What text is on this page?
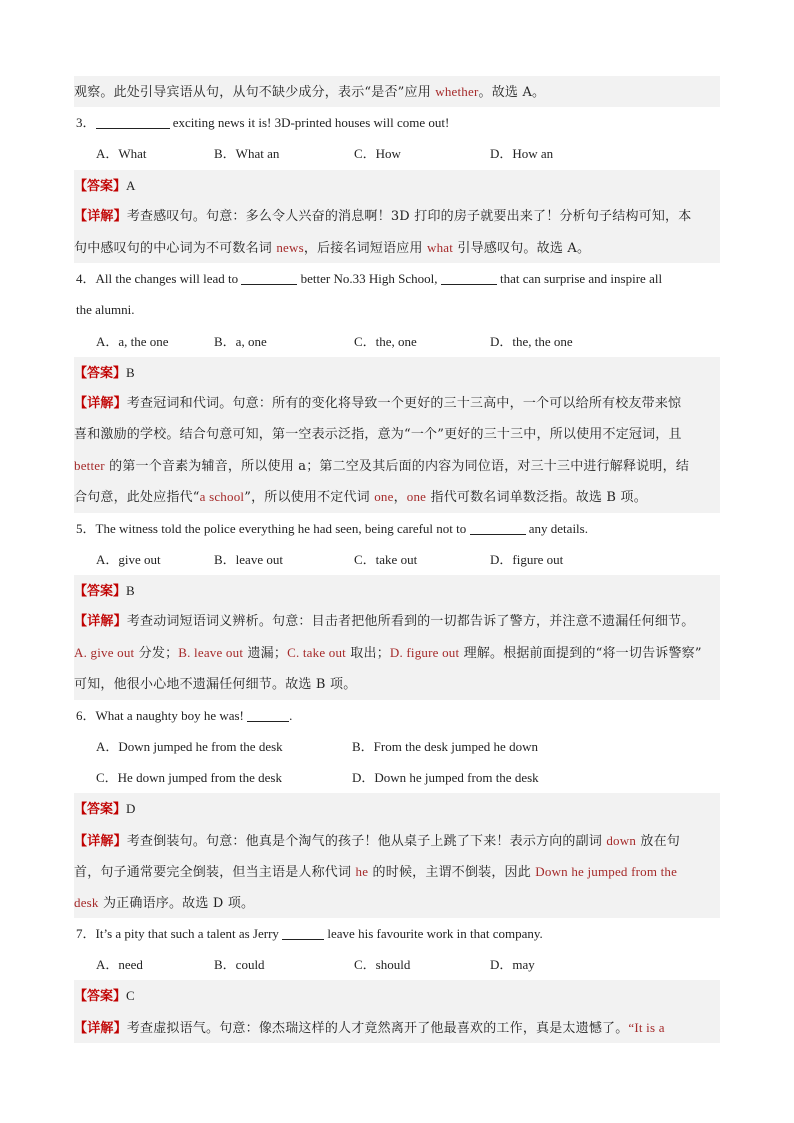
观察。此处引导宾语从句，从句不缺少成分，表示“是否”应用 whether。故选 A。
3．	exciting news it is! 3D-printed houses will come out!
A．What	B．What an	C．How	D．How an
【答案】A
【详解】考查感叹句。句意：多么令人兴奋的消息啊！3D 打印的房子就要出来了！分析句子结构可知，本
句中感叹句的中心词为不可数名词 news，后接名词短语应用 what 引导感叹句。故选 A。
4．All the changes will lead to	better No.33 High School,	that can surprise and inspire all
the alumni.
A．a, the one	B．a, one	C．the, one	D．the, the one
【答案】B
【详解】考查冠词和代词。句意：所有的变化将导致一个更好的三十三高中，一个可以给所有校友带来惊
喜和激励的学校。结合句意可知，第一空表示泛指，意为“一个”更好的三十三中，所以使用不定冠词，且
better 的第一个音素为辅音，所以使用 a；第二空及其后面的内容为同位语，对三十三中进行解释说明，结
合句意，此处应指代“a school”，所以使用不定代词 one，one 指代可数名词单数泛指。故选 B 项。
5．The witness told the police everything he had seen, being careful not to	any details.
A．give out	B．leave out	C．take out	D．figure out
【答案】B
【详解】考查动词短语词义辨析。句意：目击者把他所看到的一切都告诉了警方，并注意不遗漏任何细节。
A. give out 分发；B. leave out 遗漏；C. take out 取出；D. figure out 理解。根据前面提到的“将一切告诉警察”
可知，他很小心地不遗漏任何细节。故选 B 项。
6．What a naughty boy he was!	.
A．Down jumped he from the desk	B．From the desk jumped he down
C．He down jumped from the desk	D．Down he jumped from the desk
【答案】D
【详解】考查倒装句。句意：他真是个淘气的孩子！他从桌子上跳了下来！表示方向的副词 down 放在句
首，句子通常要完全倒装，但当主语是人称代词 he 的时候，主谓不倒装，因此 Down he jumped from the
desk 为正确语序。故选 D 项。
7．It’s a pity that such a talent as Jerry	leave his favourite work in that company.
A．need	B．could	C．should	D．may
【答案】C
【详解】考查虚拟语气。句意：像杰瑞这样的人才竟然离开了他最喜欢的工作，真是太遗憾了。“It is a
